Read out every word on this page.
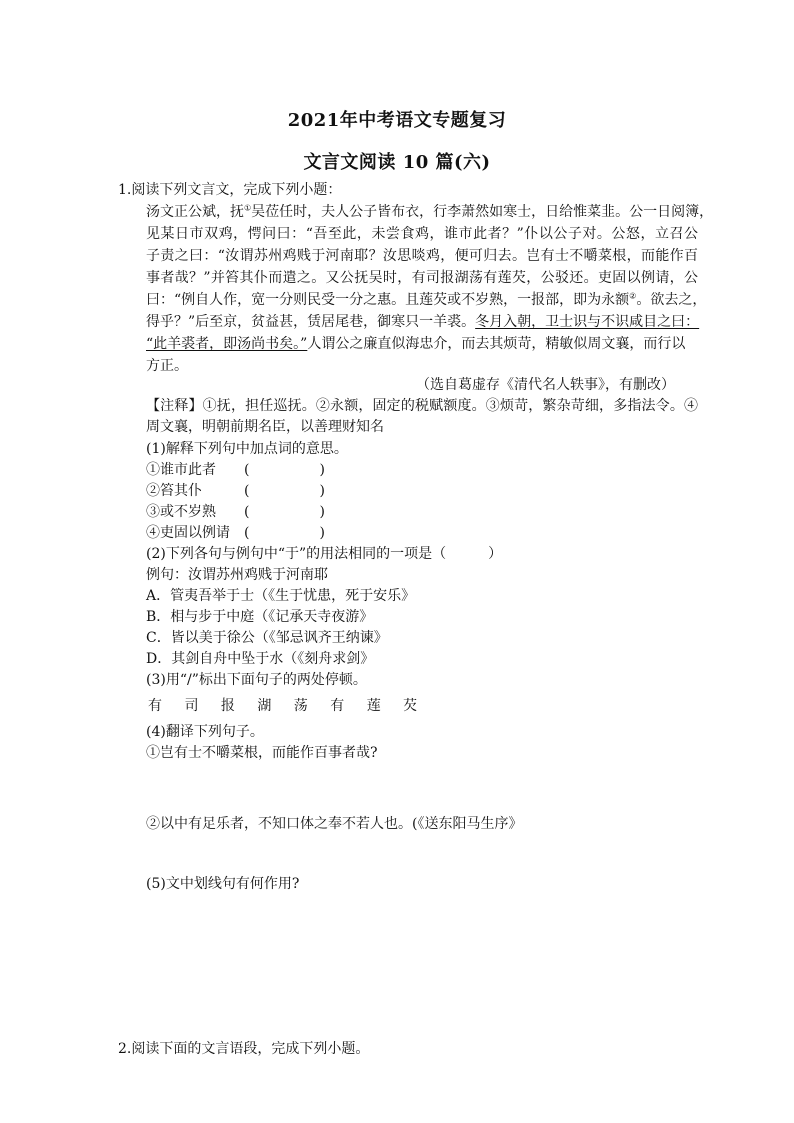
2021年中考语文专题复习
文言文阅读 10 篇(六)
1.阅读下列文言文，完成下列小题：
汤文正公斌，抚①吴莅任时，夫人公子皆布衣，行李萧然如寒士，日给惟菜韭。公一日阅簿，
见某日市双鸡，愕问曰：“吾至此，未尝食鸡，谁市此者？”仆以公子对。公怒，立召公
子责之曰：“汝谓苏州鸡贱于河南耶？汝思啖鸡，便可归去。岂有士不嚼菜根，而能作百
事者哉？”并笞其仆而遣之。又公抚吴时，有司报湖荡有莲芡，公驳还。吏固以例请，公
曰：“例自人作，宽一分则民受一分之惠。且莲芡或不岁熟，一报部，即为永额②。欲去之，
得乎？”后至京，贫益甚，赁居尾巷，御寒只一羊裘。冬月入朝，卫士识与不识咸目之曰：
“此羊裘者，即汤尚书矣。”人谓公之廉直似海忠介，而去其烦苛，精敏似周文襄，而行以
方正。
（选自葛虚存《清代名人轶事》，有删改）
【注释】①抚，担任巡抚。②永额，固定的税赋额度。③烦苛，繁杂苛细，多指法令。④
周文襄，明朝前期名臣，以善理财知名
(1)解释下列句中加点词的意思。
①谁市此者 (　　　　　)
②笞其仆	(　　　　　)
③或不岁熟 (　　　　　)
④吏固以例请 (　　　　　)
(2)下列各句与例句中“于”的用法相同的一项是（　　　）
例句：汝谓苏州鸡贱于河南耶
A．管夷吾举于士（《生于忧患，死于安乐》
B．相与步于中庭（《记承天寺夜游》
C．皆以美于徐公（《邹忌讽齐王纳谏》
D．其剑自舟中坠于水（《刻舟求剑》
(3)用“/”标出下面句子的两处停顿。
有 司 报 湖 荡 有 莲 芡
(4)翻译下列句子。
①岂有士不嚼菜根，而能作百事者哉?
②以中有足乐者，不知口体之奉不若人也。(《送东阳马生序》
(5)文中划线句有何作用?
2.阅读下面的文言语段，完成下列小题。
